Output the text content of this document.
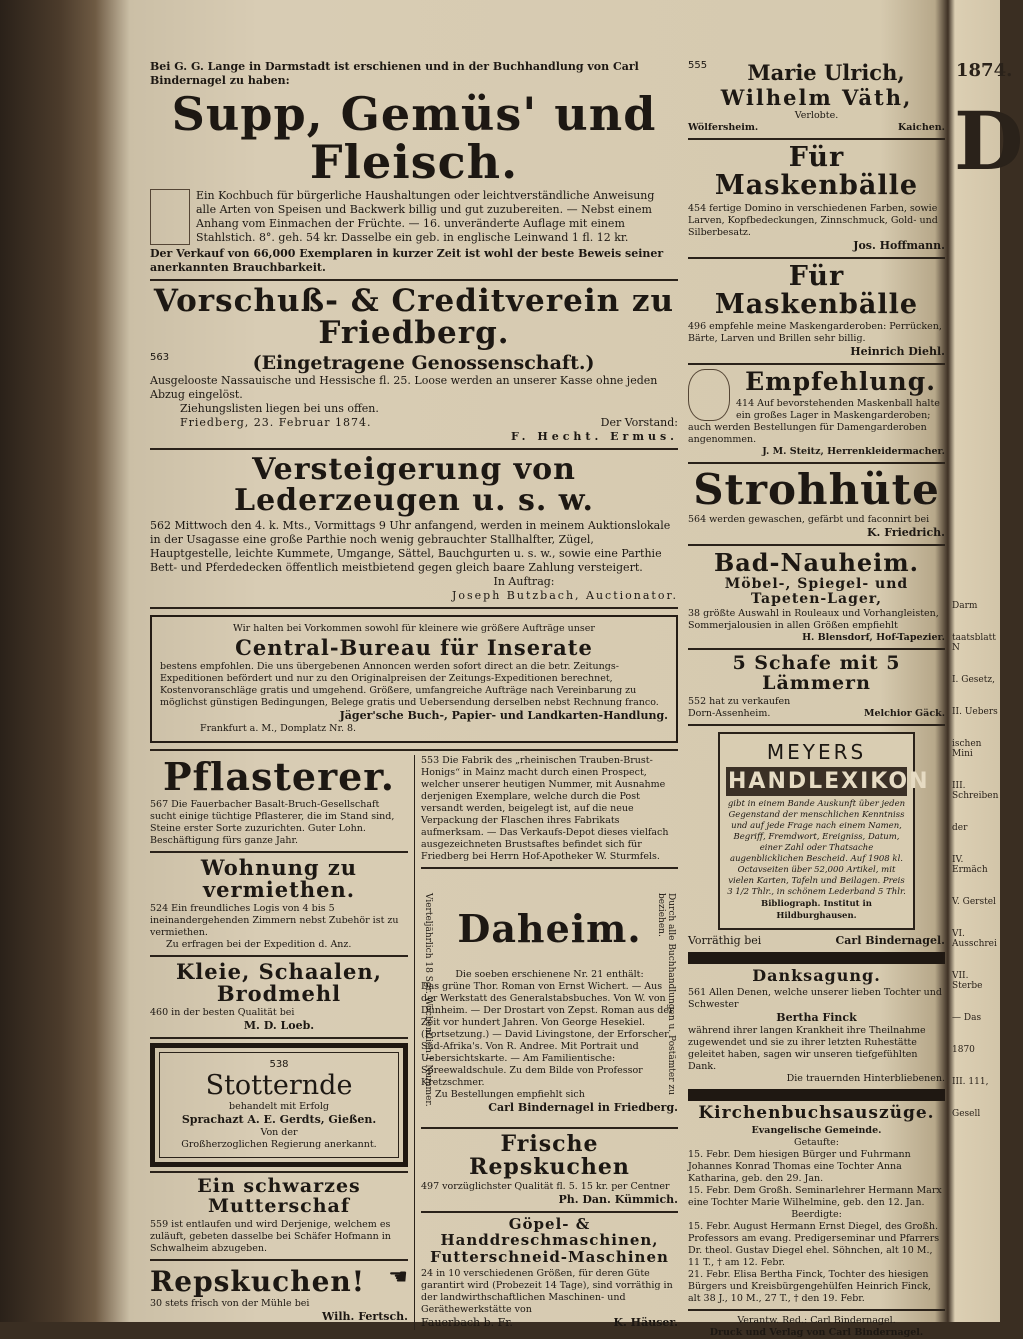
Bei G. G. Lange in Darmstadt ist erschienen und in der Buchhandlung von Carl Bindernagel zu haben:
Supp, Gemüs' und Fleisch.
Ein Kochbuch für bürgerliche Haushaltungen oder leichtverständliche Anweisung alle Arten von Speisen und Backwerk billig und gut zuzubereiten. — Nebst einem Anhang vom Einmachen der Früchte. — 16. unveränderte Auflage mit einem Stahlstich. 8°. geh. 54 kr. Dasselbe ein geb. in englische Leinwand 1 fl. 12 kr.
Der Verkauf von 66,000 Exemplaren in kurzer Zeit ist wohl der beste Beweis seiner anerkannten Brauchbarkeit.
Vorschuß- & Creditverein zu Friedberg.
563	(Eingetragene Genossenschaft.)
Ausgelooste Nassauische und Hessische fl. 25. Loose werden an unserer Kasse ohne jeden Abzug eingelöst.
Ziehungslisten liegen bei uns offen.
Friedberg, 23. Februar 1874.	Der Vorstand:
F. Hecht. Ermus.
Versteigerung von Lederzeugen u. s. w.
562 Mittwoch den 4. k. Mts., Vormittags 9 Uhr anfangend, werden in meinem Auktionslokale in der Usagasse eine große Parthie noch wenig gebrauchter Stallhalfter, Zügel, Hauptgestelle, leichte Kummete, Umgange, Sättel, Bauchgurten u. s. w., sowie eine Parthie Bett- und Pferdedecken öffentlich meistbietend gegen gleich baare Zahlung versteigert.
In Auftrag:
Joseph Butzbach, Auctionator.
Wir halten bei Vorkommen sowohl für kleinere wie größere Aufträge unser
Central-Bureau für Inserate
bestens empfohlen. Die uns übergebenen Annoncen werden sofort direct an die betr. Zeitungs-Expeditionen befördert und nur zu den Originalpreisen der Zeitungs-Expeditionen berechnet, Kostenvoranschläge gratis und umgehend. Größere, umfangreiche Aufträge nach Vereinbarung zu möglichst günstigen Bedingungen, Belege gratis und Uebersendung derselben nebst Rechnung franco.
Jäger'sche Buch-, Papier- und Landkarten-Handlung.
Frankfurt a. M., Domplatz Nr. 8.
Pflasterer.
567 Die Fauerbacher Basalt-Bruch-Gesellschaft sucht einige tüchtige Pflasterer, die im Stand sind, Steine erster Sorte zuzurichten. Guter Lohn. Beschäftigung fürs ganze Jahr.
Wohnung zu vermiethen.
524 Ein freundliches Logis von 4 bis 5 ineinandergehenden Zimmern nebst Zubehör ist zu vermiethen.
Zu erfragen bei der Expedition d. Anz.
Kleie, Schaalen, Brodmehl
460 in der besten Qualität bei
M. D. Loeb.
538
Stotternde
behandelt mit Erfolg
Sprachazt A. E. Gerdts, Gießen.
Von der
Großherzoglichen Regierung anerkannt.
Ein schwarzes Mutterschaf
559 ist entlaufen und wird Derjenige, welchem es zuläuft, gebeten dasselbe bei Schäfer Hofmann in Schwalheim abzugeben.
Repskuchen! ☚
30 stets frisch von der Mühle bei
Wilh. Fertsch.
553 Die Fabrik des „rheinischen Trauben-Brust-Honigs“ in Mainz macht durch einen Prospect, welcher unserer heutigen Nummer, mit Ausnahme derjenigen Exemplare, welche durch die Post versandt werden, beigelegt ist, auf die neue Verpackung der Flaschen ihres Fabrikats aufmerksam. — Das Verkaufs-Depot dieses vielfach ausgezeichneten Brustsaftes befindet sich für Friedberg bei Herrn Hof-Apotheker W. Sturmfels.
Vierteljährlich 18 Sgr. Wöchentlich 1 Nummer.	Durch alle Buchhandlungen u. Postämter zu beziehen.
Daheim.
Die soeben erschienene Nr. 21 enthält:
Das grüne Thor. Roman von Ernst Wichert. — Aus der Werkstatt des Generalstabsbuches. Von W. von Dünheim. — Der Drostart von Zepst. Roman aus der Zeit vor hundert Jahren. Von George Hesekiel. (Fortsetzung.) — David Livingstone, der Erforscher Süd-Afrika's. Von R. Andree. Mit Portrait und Uebersichtskarte. — Am Familientische: Spreewaldschule. Zu dem Bilde von Professor Kretzschmer.
Zu Bestellungen empfiehlt sich
Carl Bindernagel in Friedberg.
Frische Repskuchen
497 vorzüglichster Qualität fl. 5. 15 kr. per Centner
Ph. Dan. Kümmich.
Göpel- & Handdreschmaschinen,
Futterschneid-Maschinen
24 in 10 verschiedenen Größen, für deren Güte garantirt wird (Probezeit 14 Tage), sind vorräthig in der landwirthschaftlichen Maschinen- und Geräthewerkstätte von
Fauerbach b. Fr.	K. Häuser.
555 Marie Ulrich,
Wilhelm Väth,
Verlobte.
Wölfersheim.	Kaichen.
Für Maskenbälle
454 fertige Domino in verschiedenen Farben, sowie Larven, Kopfbedeckungen, Zinnschmuck, Gold- und Silberbesatz.
Jos. Hoffmann.
Für Maskenbälle
496 empfehle meine Maskengarderoben: Perrücken, Bärte, Larven und Brillen sehr billig.
Heinrich Diehl.
Empfehlung.
414 Auf bevorstehenden Maskenball halte ein großes Lager in Maskengarderoben; auch werden Bestellungen für Damengarderoben angenommen.
J. M. Steitz, Herrenkleidermacher.
Strohhüte
564 werden gewaschen, gefärbt und faconnirt bei
K. Friedrich.
Bad-Nauheim.
Möbel-, Spiegel- und Tapeten-Lager,
38 größte Auswahl in Rouleaux und Vorhangleisten, Sommerjalousien in allen Größen empfiehlt
H. Blensdorf, Hof-Tapezier.
5 Schafe mit 5 Lämmern
552 hat zu verkaufen
Dorn-Assenheim.	Melchior Gäck.
MEYERS
HANDLEXIKON
gibt in einem Bande Auskunft über jeden Gegenstand der menschlichen Kenntniss und auf jede Frage nach einem Namen, Begriff, Fremdwort, Ereigniss, Datum, einer Zahl oder Thatsache augenblicklichen Bescheid. Auf 1908 kl. Octavseiten über 52,000 Artikel, mit vielen Karten, Tafeln und Beilagen. Preis 3 1/2 Thlr., in schönem Lederband 5 Thlr.
Bibliograph. Institut in Hildburghausen.
Vorräthig bei	Carl Bindernagel.
Danksagung.
561 Allen Denen, welche unserer lieben Tochter und Schwester
Bertha Finck
während ihrer langen Krankheit ihre Theilnahme zugewendet und sie zu ihrer letzten Ruhestätte geleitet haben, sagen wir unseren tiefgefühlten Dank.
Die trauernden Hinterbliebenen.
Kirchenbuchsauszüge.
Evangelische Gemeinde.
Getaufte:
15. Febr. Dem hiesigen Bürger und Fuhrmann Johannes Konrad Thomas eine Tochter Anna Katharina, geb. den 29. Jan.
15. Febr. Dem Großh. Seminarlehrer Hermann Marx eine Tochter Marie Wilhelmine, geb. den 12. Jan.
Beerdigte:
15. Febr. August Hermann Ernst Diegel, des Großh. Professors am evang. Predigerseminar und Pfarrers Dr. theol. Gustav Diegel ehel. Söhnchen, alt 10 M., 11 T., † am 12. Febr.
21. Febr. Elisa Bertha Finck, Tochter des hiesigen Bürgers und Kreisbürgengehülfen Heinrich Finck, alt 38 J., 10 M., 27 T., † den 19. Febr.
Verantw. Red.: Carl Bindernagel.
Druck und Verlag von Carl Bindernagel.
1874.
D
Darm
taatsblatt N
I. Gesetz,
II. Uebers
ischen Mini
III. Schreiben
der
IV. Ermäch
V. Gerstel
VI. Ausschrei
VII. Sterbe
— Das
1870
III. 111,
Gesell
